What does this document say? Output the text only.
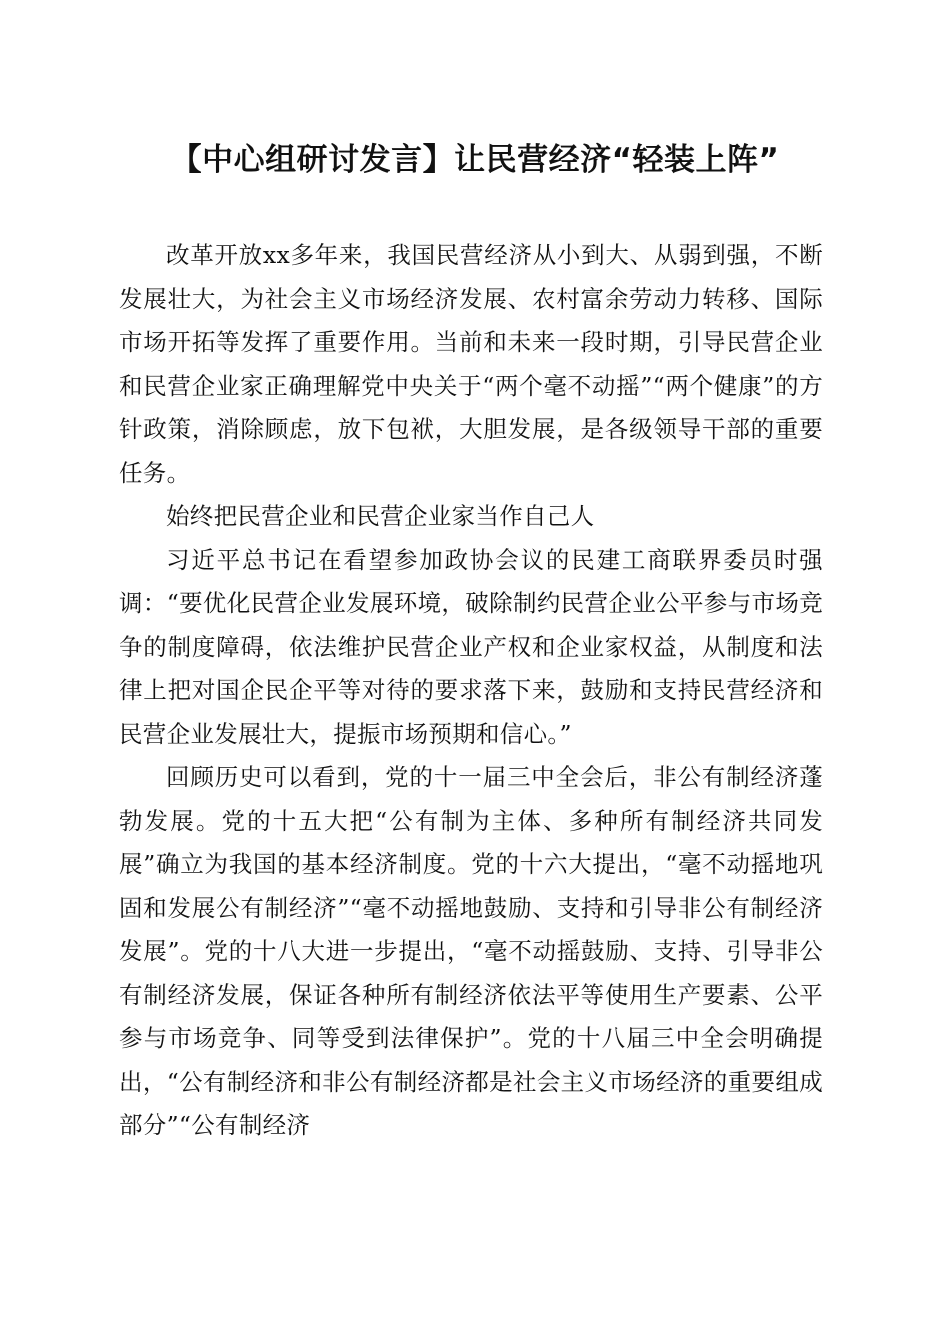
【中心组研讨发言】让民营经济“轻装上阵”

改革开放xx多年来，我国民营经济从小到大、从弱到强，不断发展壮大，为社会主义市场经济发展、农村富余劳动力转移、国际市场开拓等发挥了重要作用。当前和未来一段时期，引导民营企业和民营企业家正确理解党中央关于“两个毫不动摇”“两个健康”的方针政策，消除顾虑，放下包袱，大胆发展，是各级领导干部的重要任务。

始终把民营企业和民营企业家当作自己人

习近平总书记在看望参加政协会议的民建工商联界委员时强调：“要优化民营企业发展环境，破除制约民营企业公平参与市场竞争的制度障碍，依法维护民营企业产权和企业家权益，从制度和法律上把对国企民企平等对待的要求落下来，鼓励和支持民营经济和民营企业发展壮大，提振市场预期和信心。”

回顾历史可以看到，党的十一届三中全会后，非公有制经济蓬勃发展。党的十五大把“公有制为主体、多种所有制经济共同发展”确立为我国的基本经济制度。党的十六大提出，“毫不动摇地巩固和发展公有制经济”“毫不动摇地鼓励、支持和引导非公有制经济发展”。党的十八大进一步提出，“毫不动摇鼓励、支持、引导非公有制经济发展，保证各种所有制经济依法平等使用生产要素、公平参与市场竞争、同等受到法律保护”。党的十八届三中全会明确提出，“公有制经济和非公有制经济都是社会主义市场经济的重要组成部分”“公有制经济
